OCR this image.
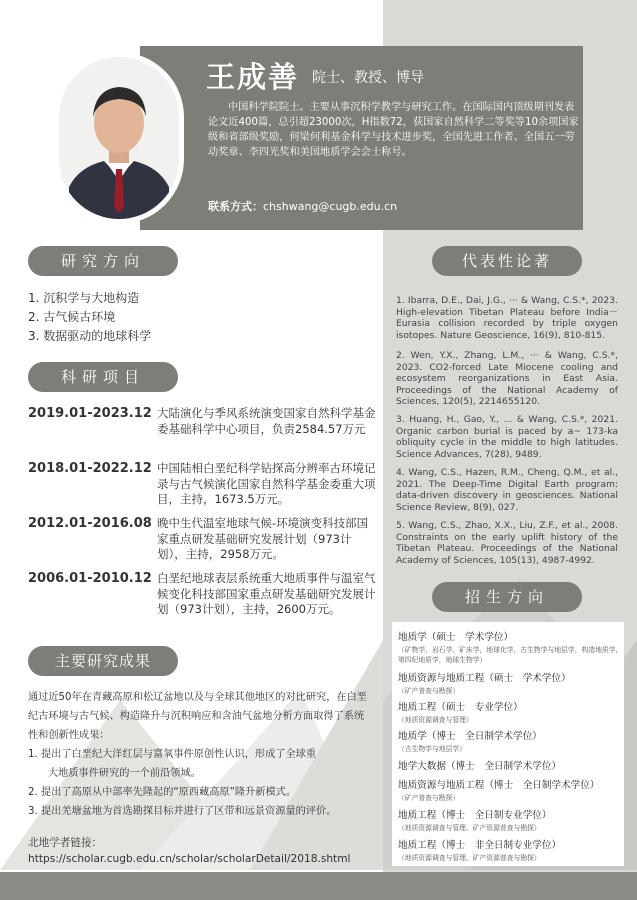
王成善 院士、教授、博导
中国科学院院士。主要从事沉积学教学与研究工作。在国际国内顶级期刊发表论文近400篇，总引超23000次，H指数72，获国家自然科学二等奖等10余项国家级和省部级奖励，何梁何利基金科学与技术进步奖，全国先进工作者、全国五一劳动奖章、李四光奖和美国地质学会会士称号。
联系方式：chshwang@cugb.edu.cn
研究方向
1. 沉积学与大地构造
2. 古气候古环境
3. 数据驱动的地球科学
科研项目
2019.01-2023.12 大陆演化与季风系统演变国家自然科学基金委基础科学中心项目，负责2584.57万元
2018.01-2022.12 中国陆相白垩纪科学钻探高分辨率古环境记录与古气候演化国家自然科学基金委重大项目，主持，1673.5万元。
2012.01-2016.08 晚中生代温室地球气候-环境演变科技部国家重点研发基础研究发展计划（973计划），主持，2958万元。
2006.01-2010.12 白垩纪地球表层系统重大地质事件与温室气候变化科技部国家重点研发基础研究发展计划（973计划），主持，2600万元。
主要研究成果
通过近50年在青藏高原和松辽盆地以及与全球其他地区的对比研究，在白垩纪古环境与古气候、构造隆升与沉积响应和含油气盆地分析方面取得了系统性和创新性成果：
1. 提出了白垩纪大洋红层与富氧事件原创性认识，形成了全球重
大地质事件研究的一个前沿领域。
2. 提出了高原从中部率先隆起的“原西藏高原”隆升新模式。
3. 提出羌塘盆地为首选勘探目标并进行了区带和远景资源量的评价。
北地学者链接：
https://scholar.cugb.edu.cn/scholar/scholarDetail/2018.shtml
代表性论著
1. Ibarra, D.E., Dai, J.G., ··· & Wang, C.S.*, 2023. High-elevation Tibetan Plateau before India－Eurasia collision recorded by triple oxygen isotopes. Nature Geoscience, 16(9), 810-815.
2. Wen, Y.X., Zhang, L.M., ··· & Wang, C.S.*, 2023. CO2-forced Late Miocene cooling and ecosystem reorganizations in East Asia. Proceedings of the National Academy of Sciences, 120(5), 2214655120.
3. Huang, H., Gao, Y., ... & Wang, C.S.*, 2021. Organic carbon burial is paced by a~ 173-ka obliquity cycle in the middle to high latitudes. Science Advances, 7(28), 9489.
4. Wang, C.S., Hazen, R.M., Cheng, Q.M., et al., 2021. The Deep-Time Digital Earth program: data-driven discovery in geosciences. National Science Review, 8(9), 027.
5. Wang, C.S., Zhao, X.X., Liu, Z.F., et al., 2008. Constraints on the early uplift history of the Tibetan Plateau. Proceedings of the National Academy of Sciences, 105(13), 4987-4992.
招生方向
地质学（硕士　学术学位）
（矿物学、岩石学、矿床学，地球化学，古生物学与地层学，构造地质学，第四纪地质学，地球生物学）
地质资源与地质工程（硕士　学术学位）
（矿产普查与勘探）
地质工程（硕士　专业学位）
（地质资源调查与管理）
地质学（博士　全日制学术学位）
（古生物学与地层学）
地学大数据（博士　全日制学术学位）
地质资源与地质工程（博士　全日制学术学位）
（矿产普查与勘探）
地质工程（博士　全日制专业学位）
（地质资源调查与管理、矿产资源普查与勘探）
地质工程（博士　非全日制专业学位）
（地质资源调查与管理、矿产资源普查与勘探）
